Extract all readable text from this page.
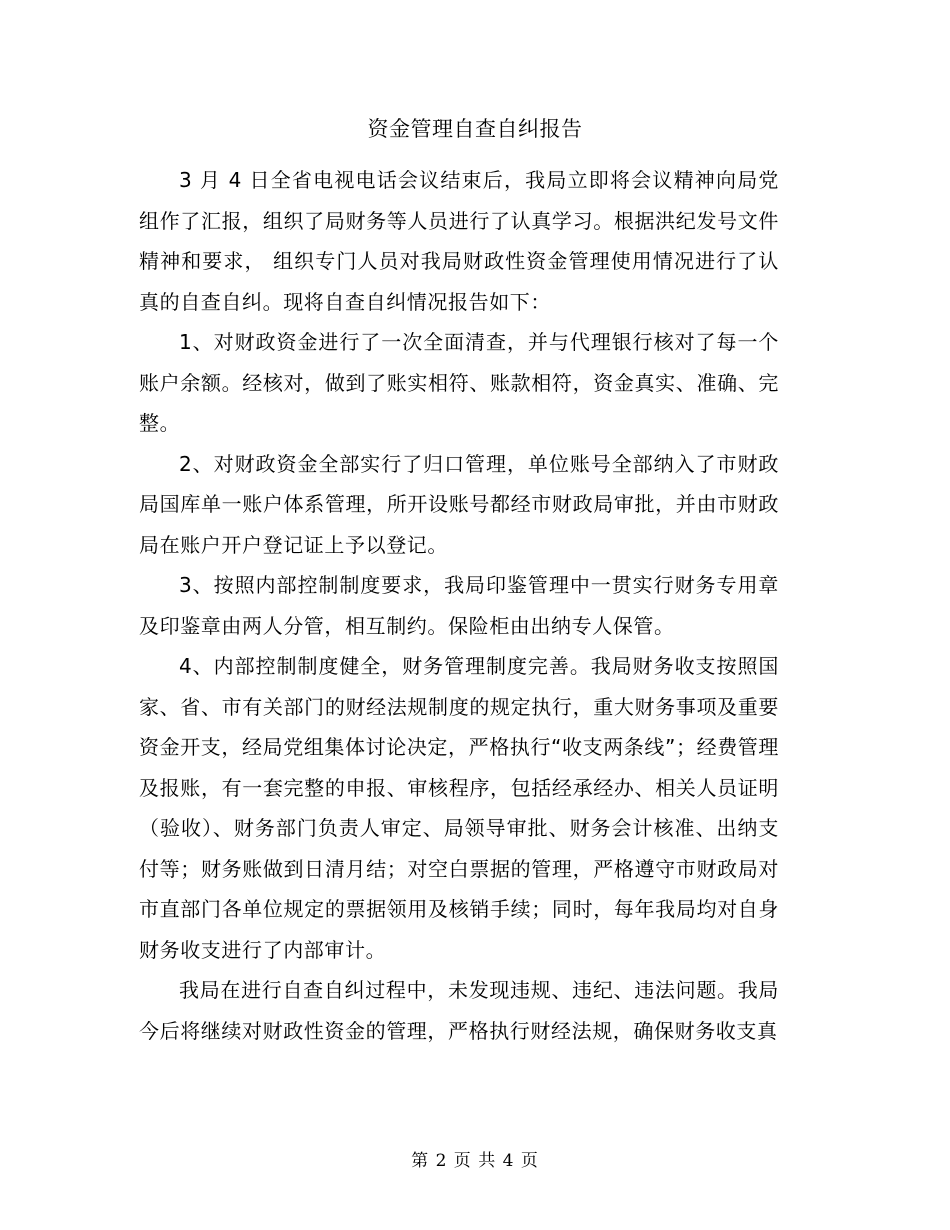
资金管理自查自纠报告

3 月 4 日全省电视电话会议结束后，我局立即将会议精神向局党组作了汇报，组织了局财务等人员进行了认真学习。根据洪纪发号文件精神和要求， 组织专门人员对我局财政性资金管理使用情况进行了认真的自查自纠。现将自查自纠情况报告如下：

1、对财政资金进行了一次全面清查，并与代理银行核对了每一个账户余额。经核对，做到了账实相符、账款相符，资金真实、准确、完整。

2、对财政资金全部实行了归口管理，单位账号全部纳入了市财政局国库单一账户体系管理，所开设账号都经市财政局审批，并由市财政局在账户开户登记证上予以登记。

3、按照内部控制制度要求，我局印鉴管理中一贯实行财务专用章及印鉴章由两人分管，相互制约。保险柜由出纳专人保管。

4、内部控制制度健全，财务管理制度完善。我局财务收支按照国家、省、市有关部门的财经法规制度的规定执行，重大财务事项及重要资金开支，经局党组集体讨论决定，严格执行“收支两条线”；经费管理及报账，有一套完整的申报、审核程序，包括经承经办、相关人员证明（验收）、财务部门负责人审定、局领导审批、财务会计核准、出纳支付等；财务账做到日清月结；对空白票据的管理，严格遵守市财政局对市直部门各单位规定的票据领用及核销手续；同时，每年我局均对自身财务收支进行了内部审计。

我局在进行自查自纠过程中，未发现违规、违纪、违法问题。我局今后将继续对财政性资金的管理，严格执行财经法规，确保财务收支真

第 2 页 共 4 页
